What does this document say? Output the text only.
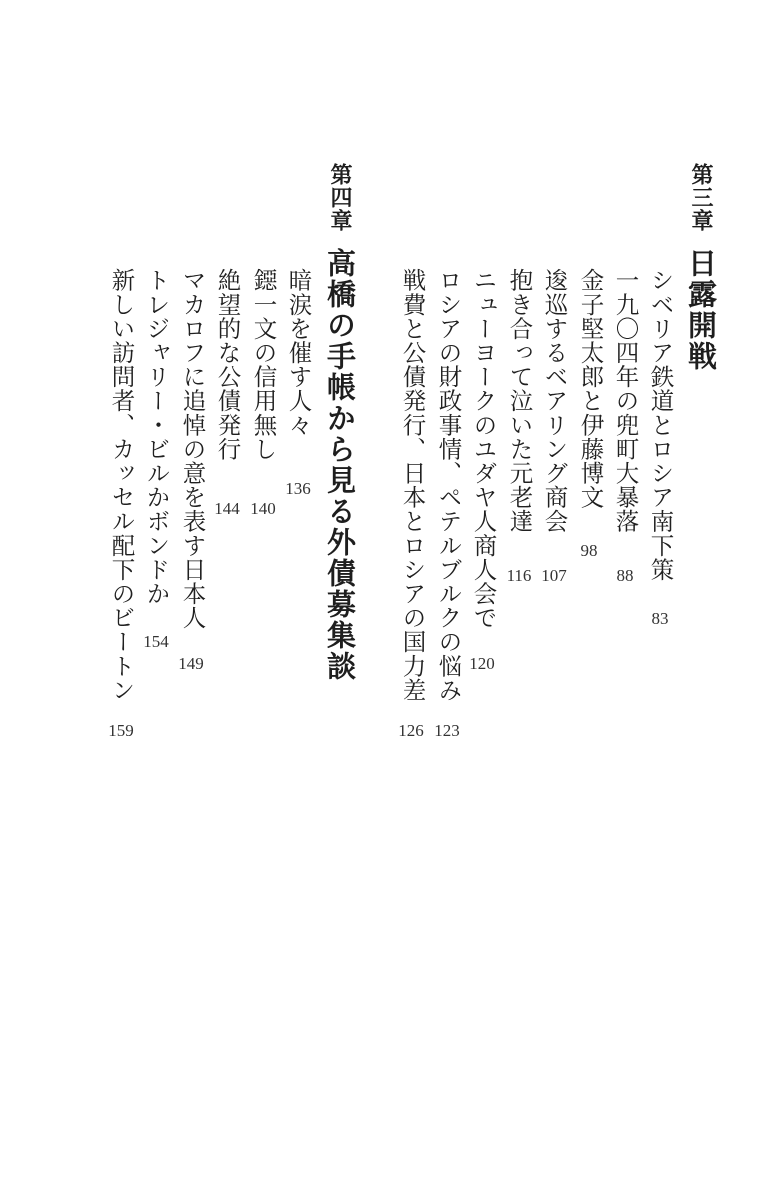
第三章
日露開戦
シベリア鉄道とロシア南下策
83
一九〇四年の兜町大暴落
88
金子堅太郎と伊藤博文
98
逡巡するベアリング商会
107
抱き合って泣いた元老達
116
ニューヨークのユダヤ人商人会で
120
ロシアの財政事情、ペテルブルクの悩み
123
戦費と公債発行、日本とロシアの国力差
126
第四章
高橋の手帳から見る外債募集談
暗涙を催す人々
136
鐚一文の信用無し
140
絶望的な公債発行
144
マカロフに追悼の意を表す日本人
149
トレジャリー・ビルかボンドか
154
新しい訪問者、カッセル配下のビートン
159
